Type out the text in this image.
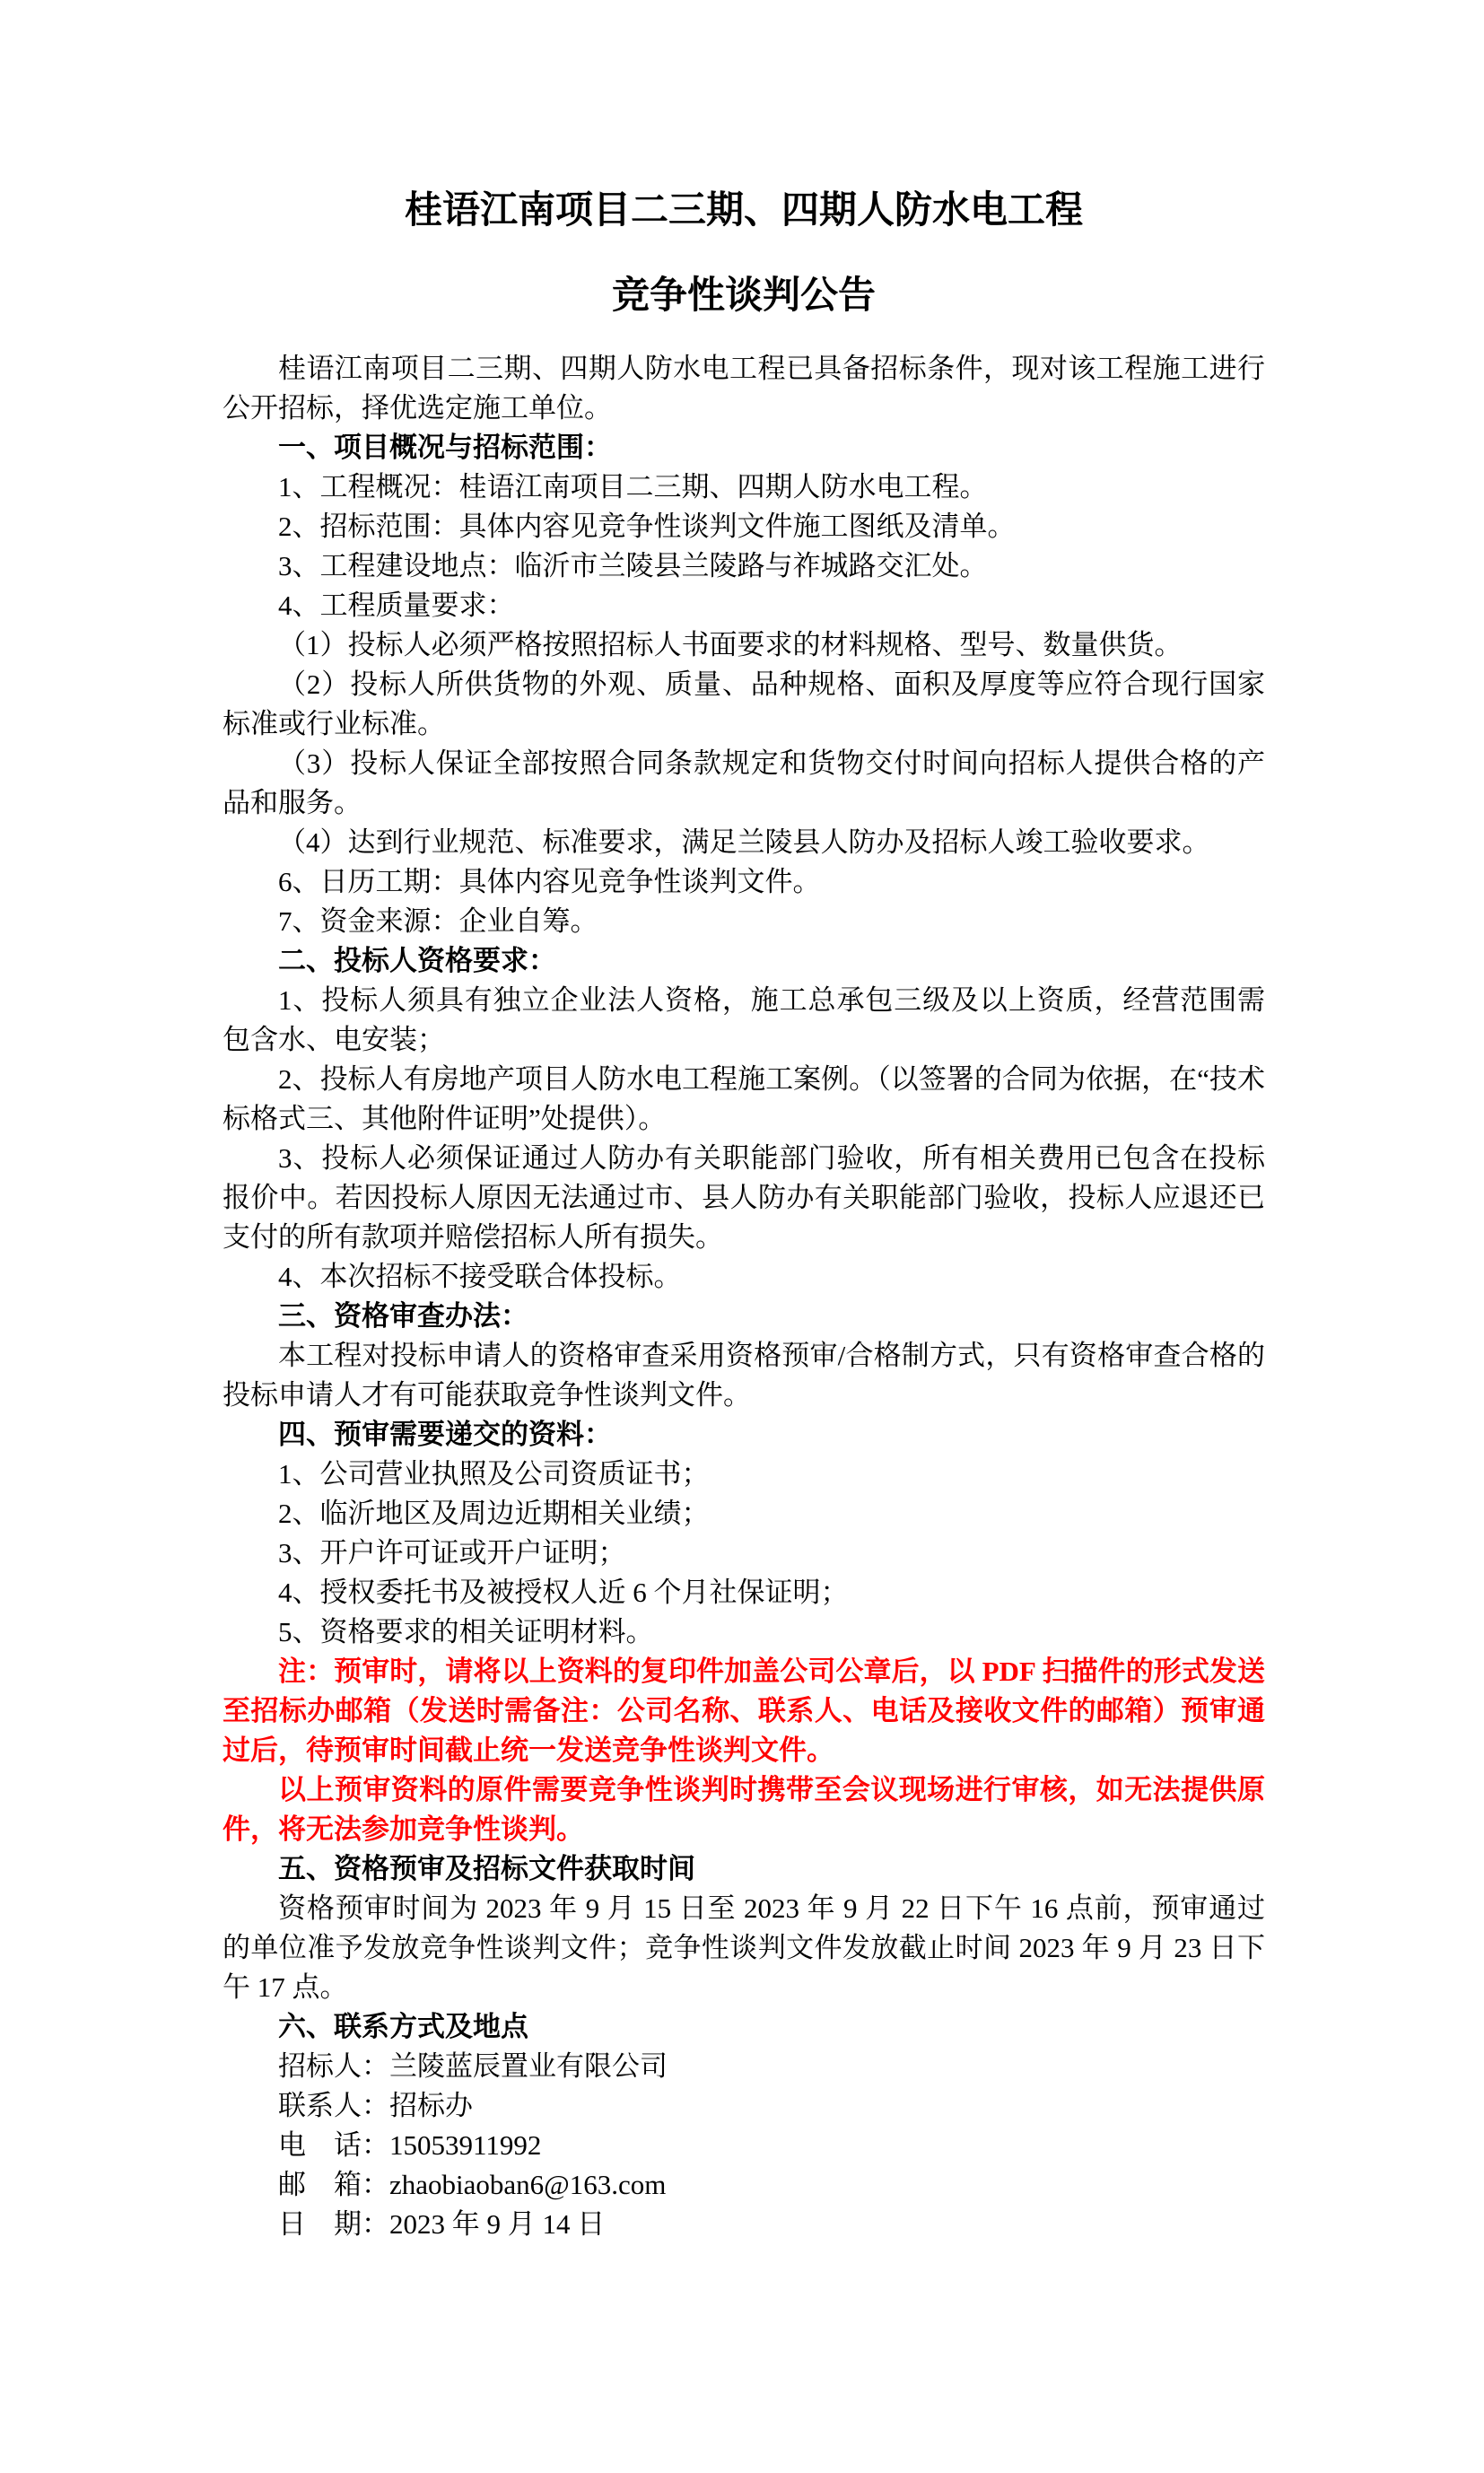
桂语江南项目二三期、四期人防水电工程
竞争性谈判公告

桂语江南项目二三期、四期人防水电工程已具备招标条件，现对该工程施工进行公开招标，择优选定施工单位。

一、项目概况与招标范围：

1、工程概况：桂语江南项目二三期、四期人防水电工程。

2、招标范围：具体内容见竞争性谈判文件施工图纸及清单。

3、工程建设地点：临沂市兰陵县兰陵路与祚城路交汇处。

4、工程质量要求：

（1）投标人必须严格按照招标人书面要求的材料规格、型号、数量供货。

（2）投标人所供货物的外观、质量、品种规格、面积及厚度等应符合现行国家标准或行业标准。

（3）投标人保证全部按照合同条款规定和货物交付时间向招标人提供合格的产品和服务。

（4）达到行业规范、标准要求，满足兰陵县人防办及招标人竣工验收要求。

6、日历工期：具体内容见竞争性谈判文件。

7、资金来源：企业自筹。

二、投标人资格要求：

1、投标人须具有独立企业法人资格，施工总承包三级及以上资质，经营范围需包含水、电安装；

2、投标人有房地产项目人防水电工程施工案例。（以签署的合同为依据，在“技术标格式三、其他附件证明”处提供）。

3、投标人必须保证通过人防办有关职能部门验收，所有相关费用已包含在投标报价中。若因投标人原因无法通过市、县人防办有关职能部门验收，投标人应退还已支付的所有款项并赔偿招标人所有损失。

4、本次招标不接受联合体投标。

三、资格审查办法：

本工程对投标申请人的资格审查采用资格预审/合格制方式，只有资格审查合格的投标申请人才有可能获取竞争性谈判文件。

四、预审需要递交的资料：

1、公司营业执照及公司资质证书；

2、临沂地区及周边近期相关业绩；

3、开户许可证或开户证明；

4、授权委托书及被授权人近 6 个月社保证明；

5、资格要求的相关证明材料。

注：预审时，请将以上资料的复印件加盖公司公章后，以 PDF 扫描件的形式发送至招标办邮箱（发送时需备注：公司名称、联系人、电话及接收文件的邮箱）预审通过后，待预审时间截止统一发送竞争性谈判文件。

以上预审资料的原件需要竞争性谈判时携带至会议现场进行审核，如无法提供原件，将无法参加竞争性谈判。

五、资格预审及招标文件获取时间

资格预审时间为 2023 年 9 月 15 日至 2023 年 9 月 22 日下午 16 点前，预审通过的单位准予发放竞争性谈判文件；竞争性谈判文件发放截止时间 2023 年 9 月 23 日下午 17 点。

六、联系方式及地点

招标人：兰陵蓝辰置业有限公司

联系人：招标办

电　话：15053911992

邮　箱：zhaobiaoban6@163.com

日　期：2023 年 9 月 14 日
